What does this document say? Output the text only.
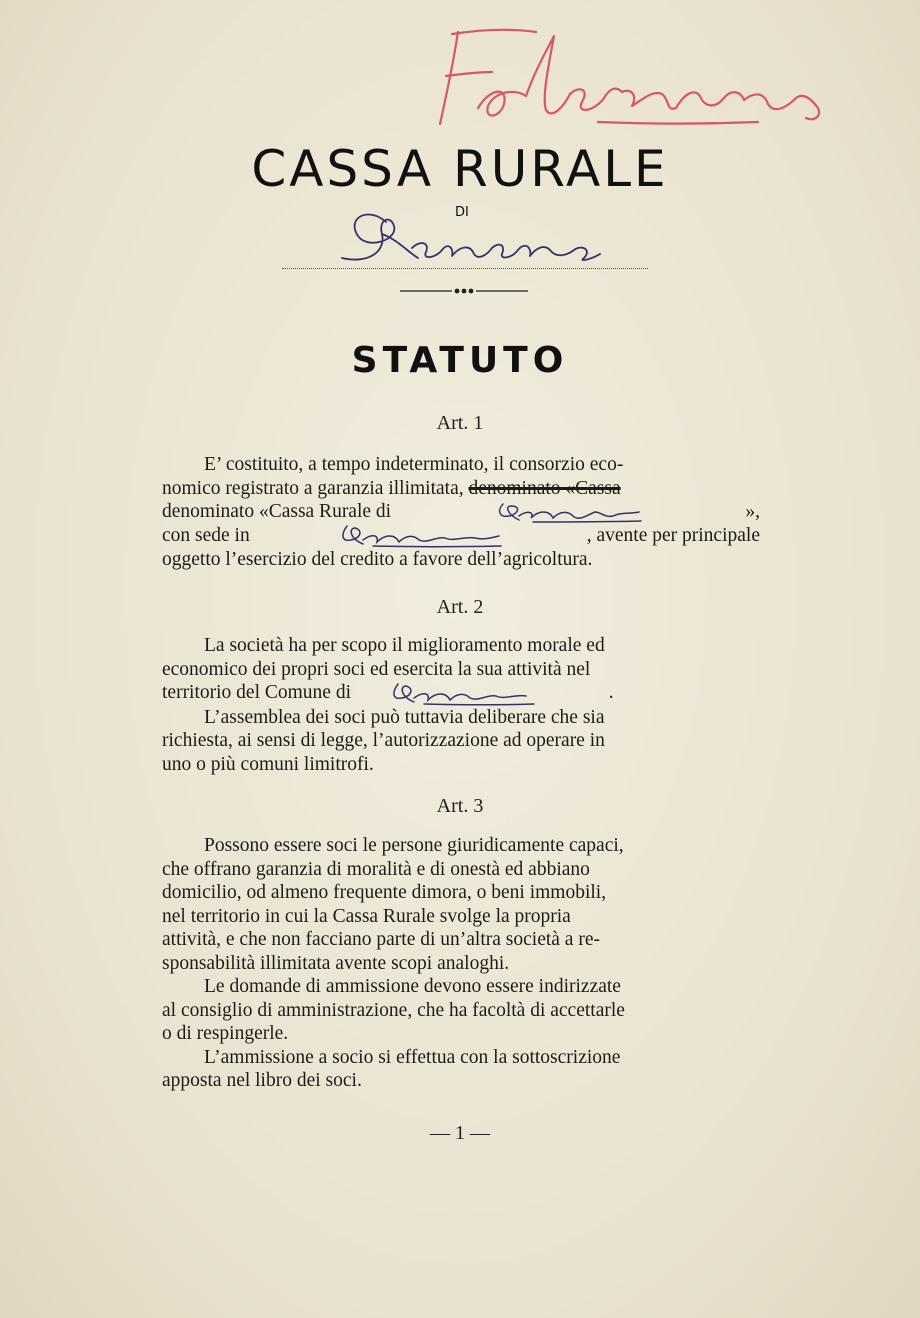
CASSA RURALE
DI
STATUTO
Art. 1
E’ costituito, a tempo indeterminato, il consorzio eco-
nomico registrato a garanzia illimitata, denominato «Cassa
denominato «Cassa Rurale di	»,
con sede in	, avente per principale
oggetto l’esercizio del credito a favore dell’agricoltura.
Art. 2
La società ha per scopo il miglioramento morale ed
economico dei propri soci ed esercita la sua attività nel
territorio del Comune di	.
L’assemblea dei soci può tuttavia deliberare che sia
richiesta, ai sensi di legge, l’autorizzazione ad operare in
uno o più comuni limitrofi.
Art. 3
Possono essere soci le persone giuridicamente capaci,
che offrano garanzia di moralità e di onestà ed abbiano
domicilio, od almeno frequente dimora, o beni immobili,
nel territorio in cui la Cassa Rurale svolge la propria
attività, e che non facciano parte di un’altra società a re-
sponsabilità illimitata avente scopi analoghi.
Le domande di ammissione devono essere indirizzate
al consiglio di amministrazione, che ha facoltà di accettarle
o di respingerle.
L’ammissione a socio si effettua con la sottoscrizione
apposta nel libro dei soci.
— 1 —
